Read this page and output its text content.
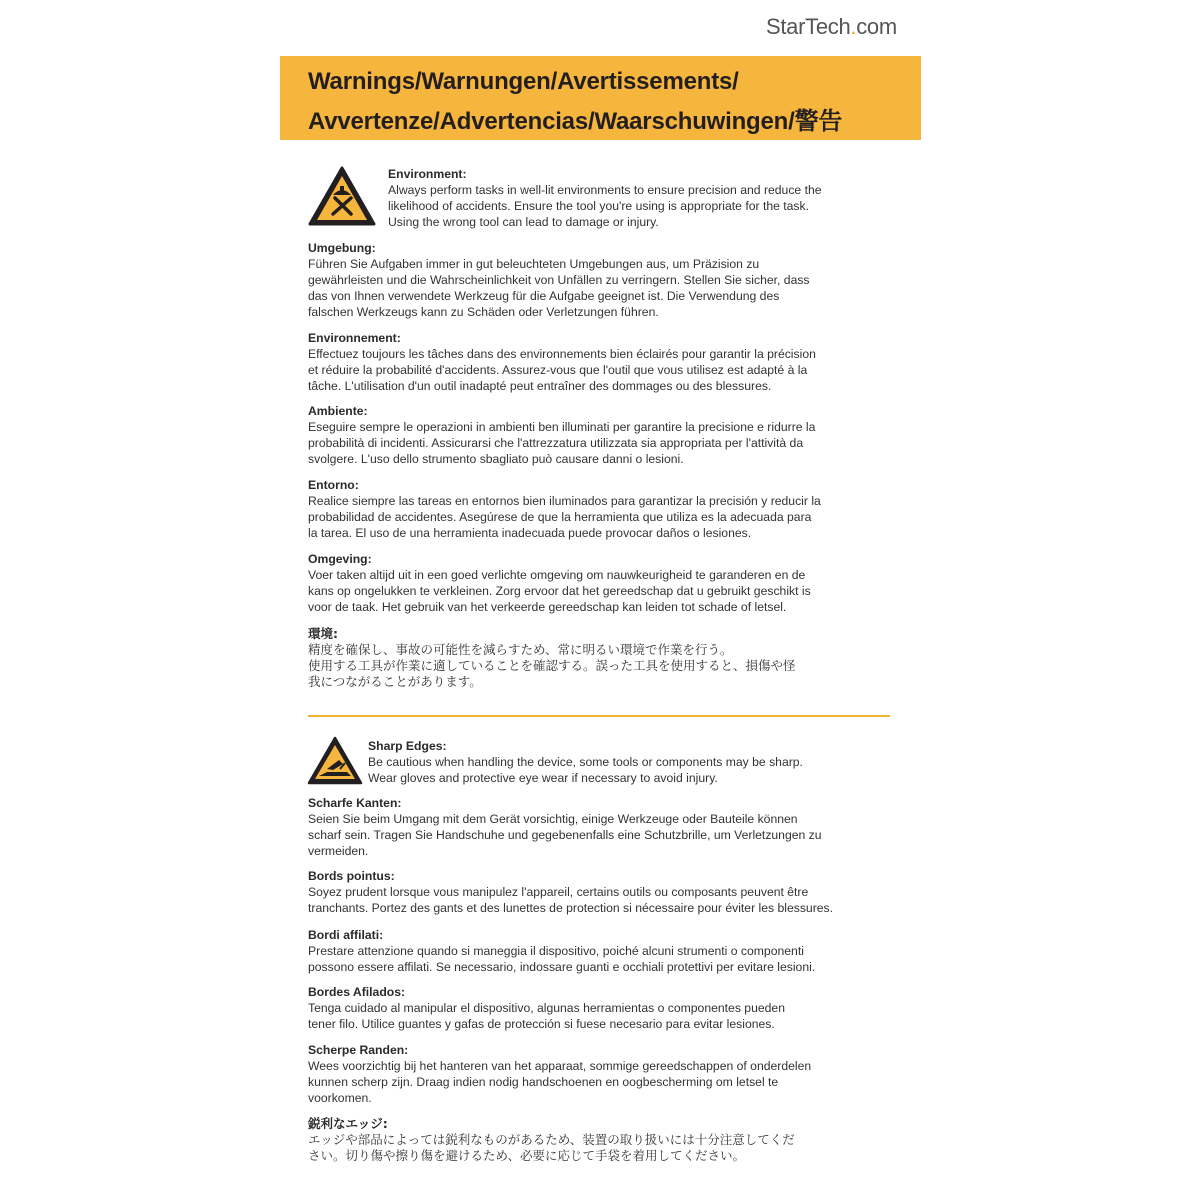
StarTech.com
Warnings/Warnungen/Avertissements/
Avvertenze/Advertencias/Waarschuwingen/警告
Environment:
Always perform tasks in well-lit environments to ensure precision and reduce the
likelihood of accidents. Ensure the tool you're using is appropriate for the task.
Using the wrong tool can lead to damage or injury.
Umgebung:
Führen Sie Aufgaben immer in gut beleuchteten Umgebungen aus, um Präzision zu
gewährleisten und die Wahrscheinlichkeit von Unfällen zu verringern. Stellen Sie sicher, dass
das von Ihnen verwendete Werkzeug für die Aufgabe geeignet ist. Die Verwendung des
falschen Werkzeugs kann zu Schäden oder Verletzungen führen.
Environnement:
Effectuez toujours les tâches dans des environnements bien éclairés pour garantir la précision
et réduire la probabilité d'accidents. Assurez-vous que l'outil que vous utilisez est adapté à la
tâche. L'utilisation d'un outil inadapté peut entraîner des dommages ou des blessures.
Ambiente:
Eseguire sempre le operazioni in ambienti ben illuminati per garantire la precisione e ridurre la
probabilità di incidenti. Assicurarsi che l'attrezzatura utilizzata sia appropriata per l'attività da
svolgere. L'uso dello strumento sbagliato può causare danni o lesioni.
Entorno:
Realice siempre las tareas en entornos bien iluminados para garantizar la precisión y reducir la
probabilidad de accidentes. Asegúrese de que la herramienta que utiliza es la adecuada para
la tarea. El uso de una herramienta inadecuada puede provocar daños o lesiones.
Omgeving:
Voer taken altijd uit in een goed verlichte omgeving om nauwkeurigheid te garanderen en de
kans op ongelukken te verkleinen. Zorg ervoor dat het gereedschap dat u gebruikt geschikt is
voor de taak. Het gebruik van het verkeerde gereedschap kan leiden tot schade of letsel.
環境:
精度を確保し、事故の可能性を減らすため、常に明るい環境で作業を行う。
使用する工具が作業に適していることを確認する。誤った工具を使用すると、損傷や怪
我につながることがあります。
Sharp Edges:
Be cautious when handling the device, some tools or components may be sharp.
Wear gloves and protective eye wear if necessary to avoid injury.
Scharfe Kanten:
Seien Sie beim Umgang mit dem Gerät vorsichtig, einige Werkzeuge oder Bauteile können
scharf sein. Tragen Sie Handschuhe und gegebenenfalls eine Schutzbrille, um Verletzungen zu
vermeiden.
Bords pointus:
Soyez prudent lorsque vous manipulez l'appareil, certains outils ou composants peuvent être
tranchants. Portez des gants et des lunettes de protection si nécessaire pour éviter les blessures.
Bordi affilati:
Prestare attenzione quando si maneggia il dispositivo, poiché alcuni strumenti o componenti
possono essere affilati. Se necessario, indossare guanti e occhiali protettivi per evitare lesioni.
Bordes Afilados:
Tenga cuidado al manipular el dispositivo, algunas herramientas o componentes pueden
tener filo. Utilice guantes y gafas de protección si fuese necesario para evitar lesiones.
Scherpe Randen:
Wees voorzichtig bij het hanteren van het apparaat, sommige gereedschappen of onderdelen
kunnen scherp zijn. Draag indien nodig handschoenen en oogbescherming om letsel te
voorkomen.
鋭利なエッジ:
エッジや部品によっては鋭利なものがあるため、装置の取り扱いには十分注意してくだ
さい。切り傷や擦り傷を避けるため、必要に応じて手袋を着用してください。
